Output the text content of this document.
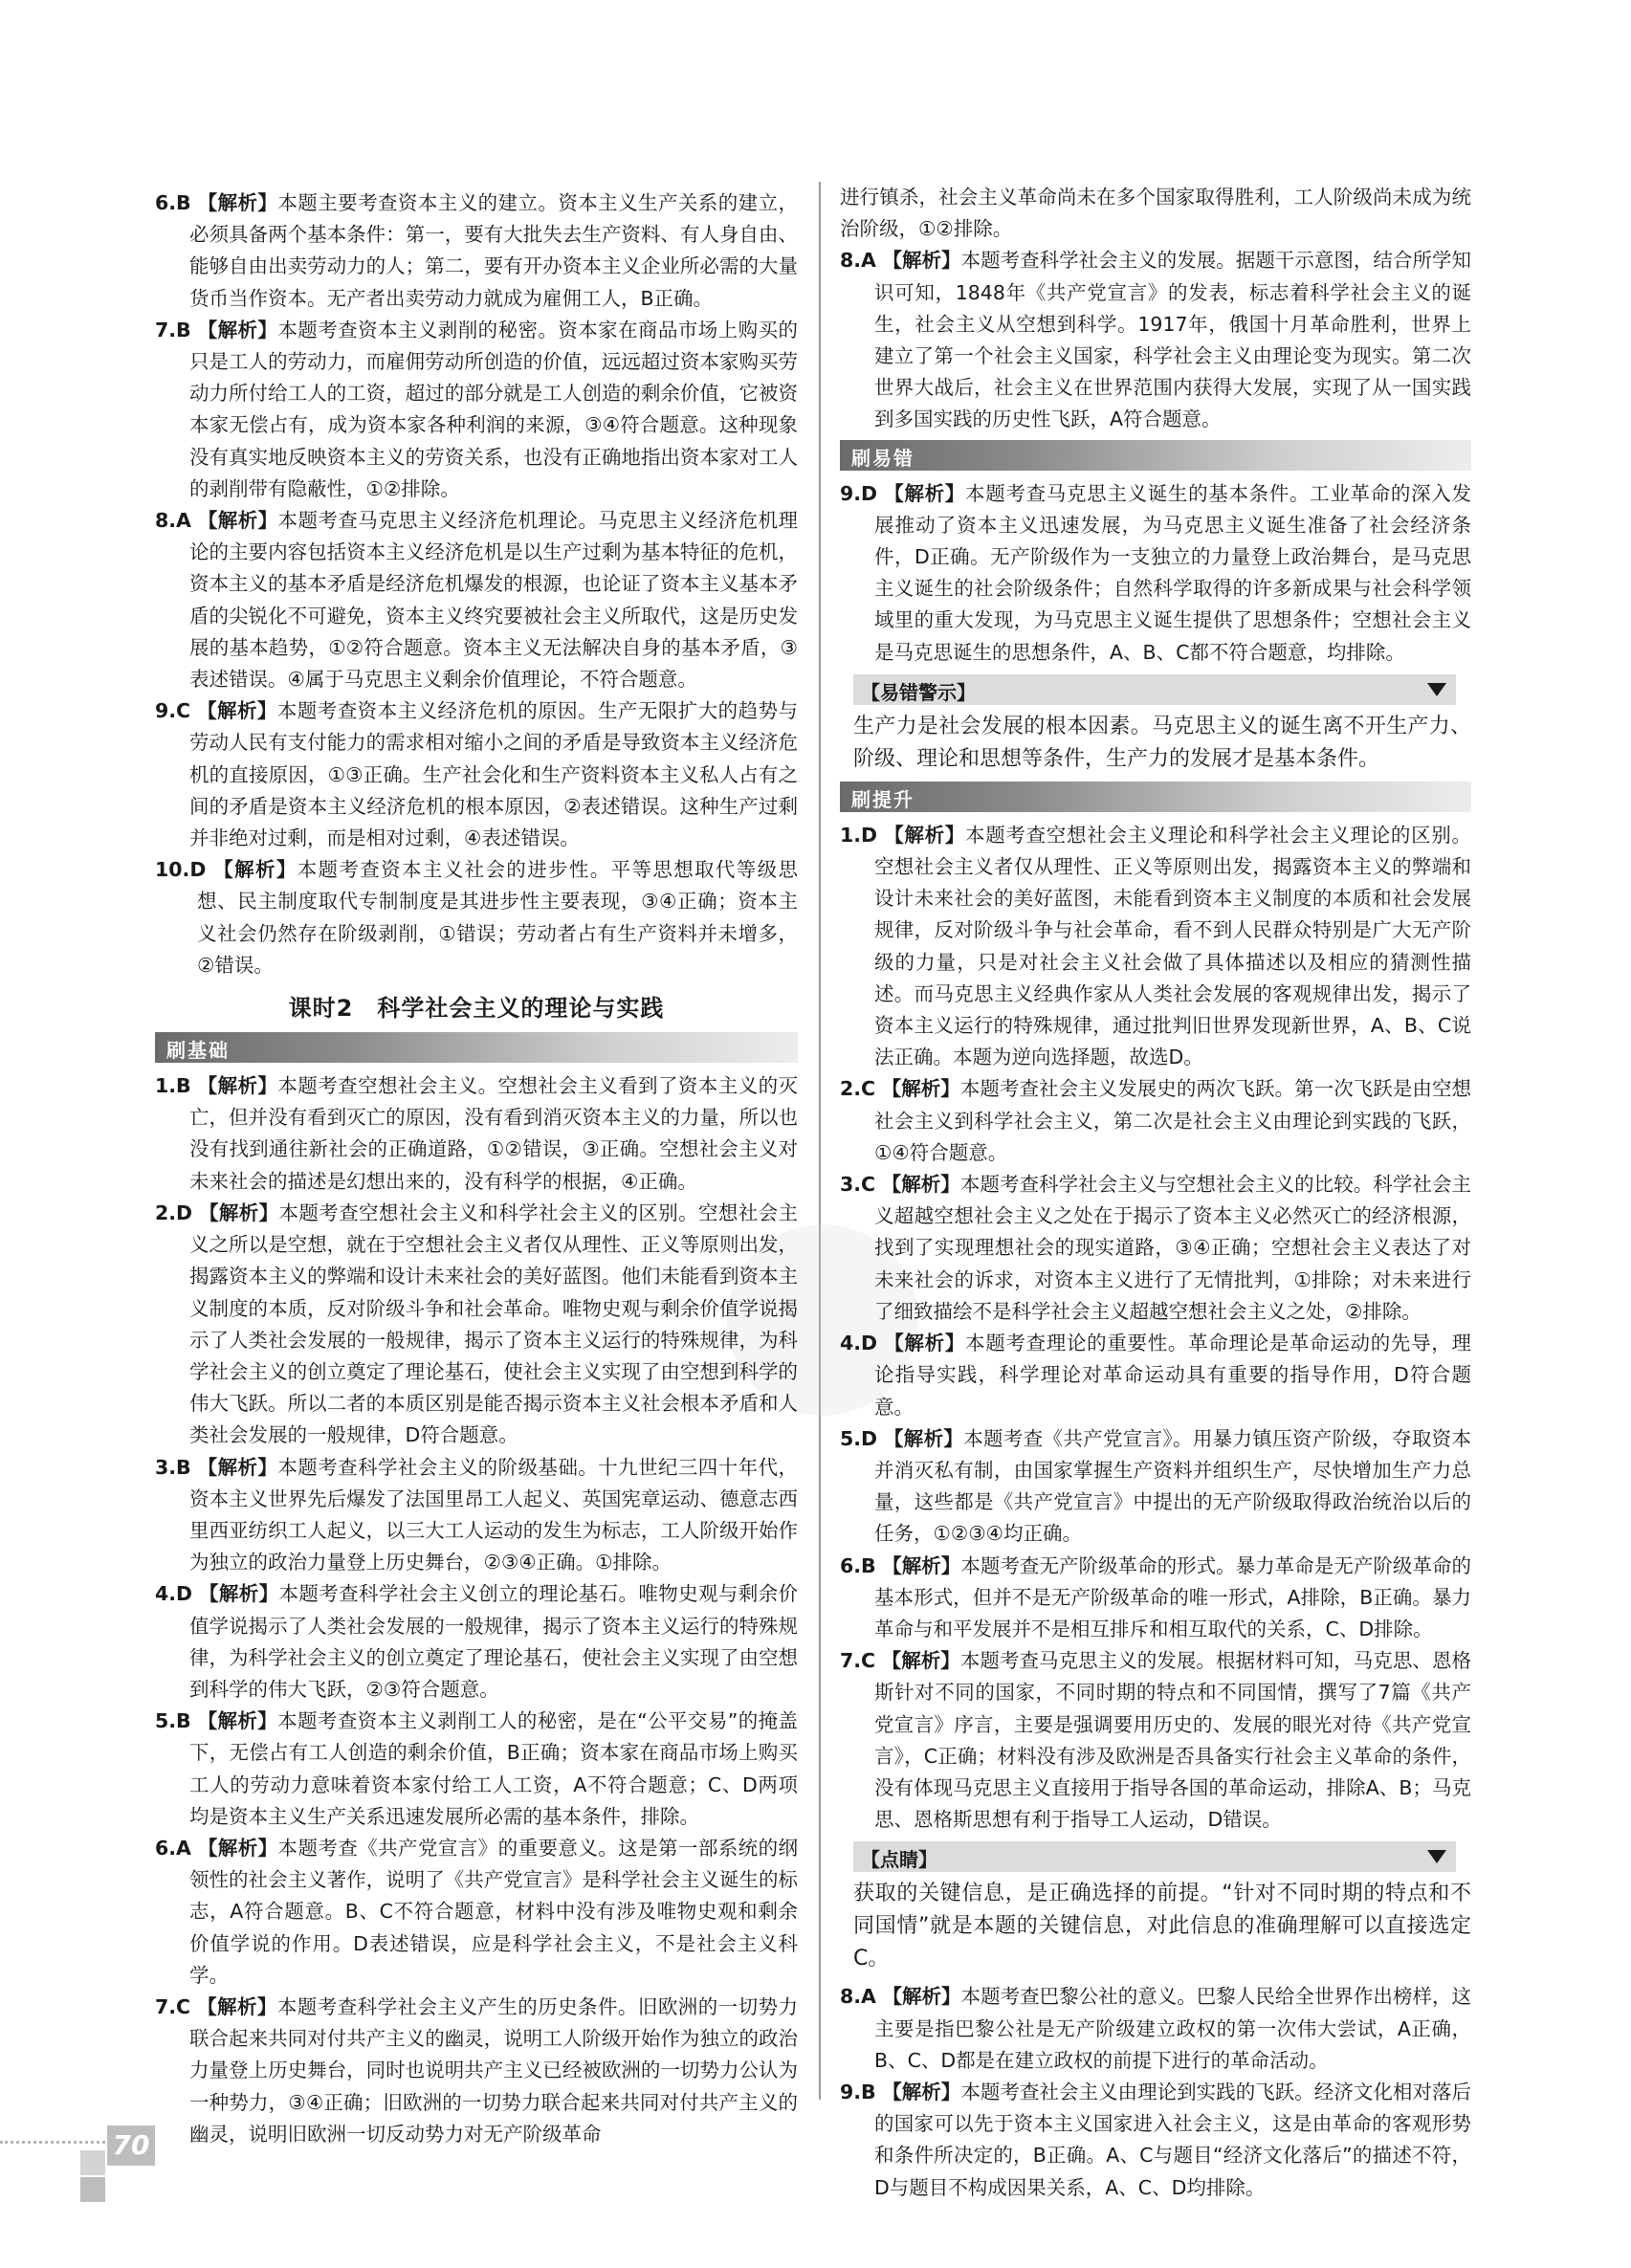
6.B 【解析】本题主要考查资本主义的建立。资本主义生产关系的建立，必须具备两个基本条件：第一，要有大批失去生产资料、有人身自由、能够自由出卖劳动力的人；第二，要有开办资本主义企业所必需的大量货币当作资本。无产者出卖劳动力就成为雇佣工人，B正确。
7.B 【解析】本题考查资本主义剥削的秘密。资本家在商品市场上购买的只是工人的劳动力，而雇佣劳动所创造的价值，远远超过资本家购买劳动力所付给工人的工资，超过的部分就是工人创造的剩余价值，它被资本家无偿占有，成为资本家各种利润的来源，③④符合题意。这种现象没有真实地反映资本主义的劳资关系，也没有正确地指出资本家对工人的剥削带有隐蔽性，①②排除。
8.A 【解析】本题考查马克思主义经济危机理论。马克思主义经济危机理论的主要内容包括资本主义经济危机是以生产过剩为基本特征的危机，资本主义的基本矛盾是经济危机爆发的根源，也论证了资本主义基本矛盾的尖锐化不可避免，资本主义终究要被社会主义所取代，这是历史发展的基本趋势，①②符合题意。资本主义无法解决自身的基本矛盾，③表述错误。④属于马克思主义剩余价值理论，不符合题意。
9.C 【解析】本题考查资本主义经济危机的原因。生产无限扩大的趋势与劳动人民有支付能力的需求相对缩小之间的矛盾是导致资本主义经济危机的直接原因，①③正确。生产社会化和生产资料资本主义私人占有之间的矛盾是资本主义经济危机的根本原因，②表述错误。这种生产过剩并非绝对过剩，而是相对过剩，④表述错误。
10.D 【解析】本题考查资本主义社会的进步性。平等思想取代等级思想、民主制度取代专制制度是其进步性主要表现，③④正确；资本主义社会仍然存在阶级剥削，①错误；劳动者占有生产资料并未增多，②错误。
课时2　科学社会主义的理论与实践
刷基础
1.B 【解析】本题考查空想社会主义。空想社会主义看到了资本主义的灭亡，但并没有看到灭亡的原因，没有看到消灭资本主义的力量，所以也没有找到通往新社会的正确道路，①②错误，③正确。空想社会主义对未来社会的描述是幻想出来的，没有科学的根据，④正确。
2.D 【解析】本题考查空想社会主义和科学社会主义的区别。空想社会主义之所以是空想，就在于空想社会主义者仅从理性、正义等原则出发，揭露资本主义的弊端和设计未来社会的美好蓝图。他们未能看到资本主义制度的本质，反对阶级斗争和社会革命。唯物史观与剩余价值学说揭示了人类社会发展的一般规律，揭示了资本主义运行的特殊规律，为科学社会主义的创立奠定了理论基石，使社会主义实现了由空想到科学的伟大飞跃。所以二者的本质区别是能否揭示资本主义社会根本矛盾和人类社会发展的一般规律，D符合题意。
3.B 【解析】本题考查科学社会主义的阶级基础。十九世纪三四十年代，资本主义世界先后爆发了法国里昂工人起义、英国宪章运动、德意志西里西亚纺织工人起义，以三大工人运动的发生为标志，工人阶级开始作为独立的政治力量登上历史舞台，②③④正确。①排除。
4.D 【解析】本题考查科学社会主义创立的理论基石。唯物史观与剩余价值学说揭示了人类社会发展的一般规律，揭示了资本主义运行的特殊规律，为科学社会主义的创立奠定了理论基石，使社会主义实现了由空想到科学的伟大飞跃，②③符合题意。
5.B 【解析】本题考查资本主义剥削工人的秘密，是在“公平交易”的掩盖下，无偿占有工人创造的剩余价值，B正确；资本家在商品市场上购买工人的劳动力意味着资本家付给工人工资，A不符合题意；C、D两项均是资本主义生产关系迅速发展所必需的基本条件，排除。
6.A 【解析】本题考查《共产党宣言》的重要意义。这是第一部系统的纲领性的社会主义著作，说明了《共产党宣言》是科学社会主义诞生的标志，A符合题意。B、C不符合题意，材料中没有涉及唯物史观和剩余价值学说的作用。D表述错误，应是科学社会主义，不是社会主义科学。
7.C 【解析】本题考查科学社会主义产生的历史条件。旧欧洲的一切势力联合起来共同对付共产主义的幽灵，说明工人阶级开始作为独立的政治力量登上历史舞台，同时也说明共产主义已经被欧洲的一切势力公认为一种势力，③④正确；旧欧洲的一切势力联合起来共同对付共产主义的幽灵，说明旧欧洲一切反动势力对无产阶级革命
进行镇杀，社会主义革命尚未在多个国家取得胜利，工人阶级尚未成为统治阶级，①②排除。
8.A 【解析】本题考查科学社会主义的发展。据题干示意图，结合所学知识可知，1848年《共产党宣言》的发表，标志着科学社会主义的诞生，社会主义从空想到科学。1917年，俄国十月革命胜利，世界上建立了第一个社会主义国家，科学社会主义由理论变为现实。第二次世界大战后，社会主义在世界范围内获得大发展，实现了从一国实践到多国实践的历史性飞跃，A符合题意。
刷易错
9.D 【解析】本题考查马克思主义诞生的基本条件。工业革命的深入发展推动了资本主义迅速发展，为马克思主义诞生准备了社会经济条件，D正确。无产阶级作为一支独立的力量登上政治舞台，是马克思主义诞生的社会阶级条件；自然科学取得的许多新成果与社会科学领域里的重大发现，为马克思主义诞生提供了思想条件；空想社会主义是马克思诞生的思想条件，A、B、C都不符合题意，均排除。
【易错警示】
生产力是社会发展的根本因素。马克思主义的诞生离不开生产力、阶级、理论和思想等条件，生产力的发展才是基本条件。
刷提升
1.D 【解析】本题考查空想社会主义理论和科学社会主义理论的区别。空想社会主义者仅从理性、正义等原则出发，揭露资本主义的弊端和设计未来社会的美好蓝图，未能看到资本主义制度的本质和社会发展规律，反对阶级斗争与社会革命，看不到人民群众特别是广大无产阶级的力量，只是对社会主义社会做了具体描述以及相应的猜测性描述。而马克思主义经典作家从人类社会发展的客观规律出发，揭示了资本主义运行的特殊规律，通过批判旧世界发现新世界，A、B、C说法正确。本题为逆向选择题，故选D。
2.C 【解析】本题考查社会主义发展史的两次飞跃。第一次飞跃是由空想社会主义到科学社会主义，第二次是社会主义由理论到实践的飞跃，①④符合题意。
3.C 【解析】本题考查科学社会主义与空想社会主义的比较。科学社会主义超越空想社会主义之处在于揭示了资本主义必然灭亡的经济根源，找到了实现理想社会的现实道路，③④正确；空想社会主义表达了对未来社会的诉求，对资本主义进行了无情批判，①排除；对未来进行了细致描绘不是科学社会主义超越空想社会主义之处，②排除。
4.D 【解析】本题考查理论的重要性。革命理论是革命运动的先导，理论指导实践，科学理论对革命运动具有重要的指导作用，D符合题意。
5.D 【解析】本题考查《共产党宣言》。用暴力镇压资产阶级，夺取资本并消灭私有制，由国家掌握生产资料并组织生产，尽快增加生产力总量，这些都是《共产党宣言》中提出的无产阶级取得政治统治以后的任务，①②③④均正确。
6.B 【解析】本题考查无产阶级革命的形式。暴力革命是无产阶级革命的基本形式，但并不是无产阶级革命的唯一形式，A排除，B正确。暴力革命与和平发展并不是相互排斥和相互取代的关系，C、D排除。
7.C 【解析】本题考查马克思主义的发展。根据材料可知，马克思、恩格斯针对不同的国家，不同时期的特点和不同国情，撰写了7篇《共产党宣言》序言，主要是强调要用历史的、发展的眼光对待《共产党宣言》，C正确；材料没有涉及欧洲是否具备实行社会主义革命的条件，没有体现马克思主义直接用于指导各国的革命运动，排除A、B；马克思、恩格斯思想有利于指导工人运动，D错误。
【点睛】
获取的关键信息，是正确选择的前提。“针对不同时期的特点和不同国情”就是本题的关键信息，对此信息的准确理解可以直接选定C。
8.A 【解析】本题考查巴黎公社的意义。巴黎人民给全世界作出榜样，这主要是指巴黎公社是无产阶级建立政权的第一次伟大尝试，A正确，B、C、D都是在建立政权的前提下进行的革命活动。
9.B 【解析】本题考查社会主义由理论到实践的飞跃。经济文化相对落后的国家可以先于资本主义国家进入社会主义，这是由革命的客观形势和条件所决定的，B正确。A、C与题目“经济文化落后”的描述不符，D与题目不构成因果关系，A、C、D均排除。
70
